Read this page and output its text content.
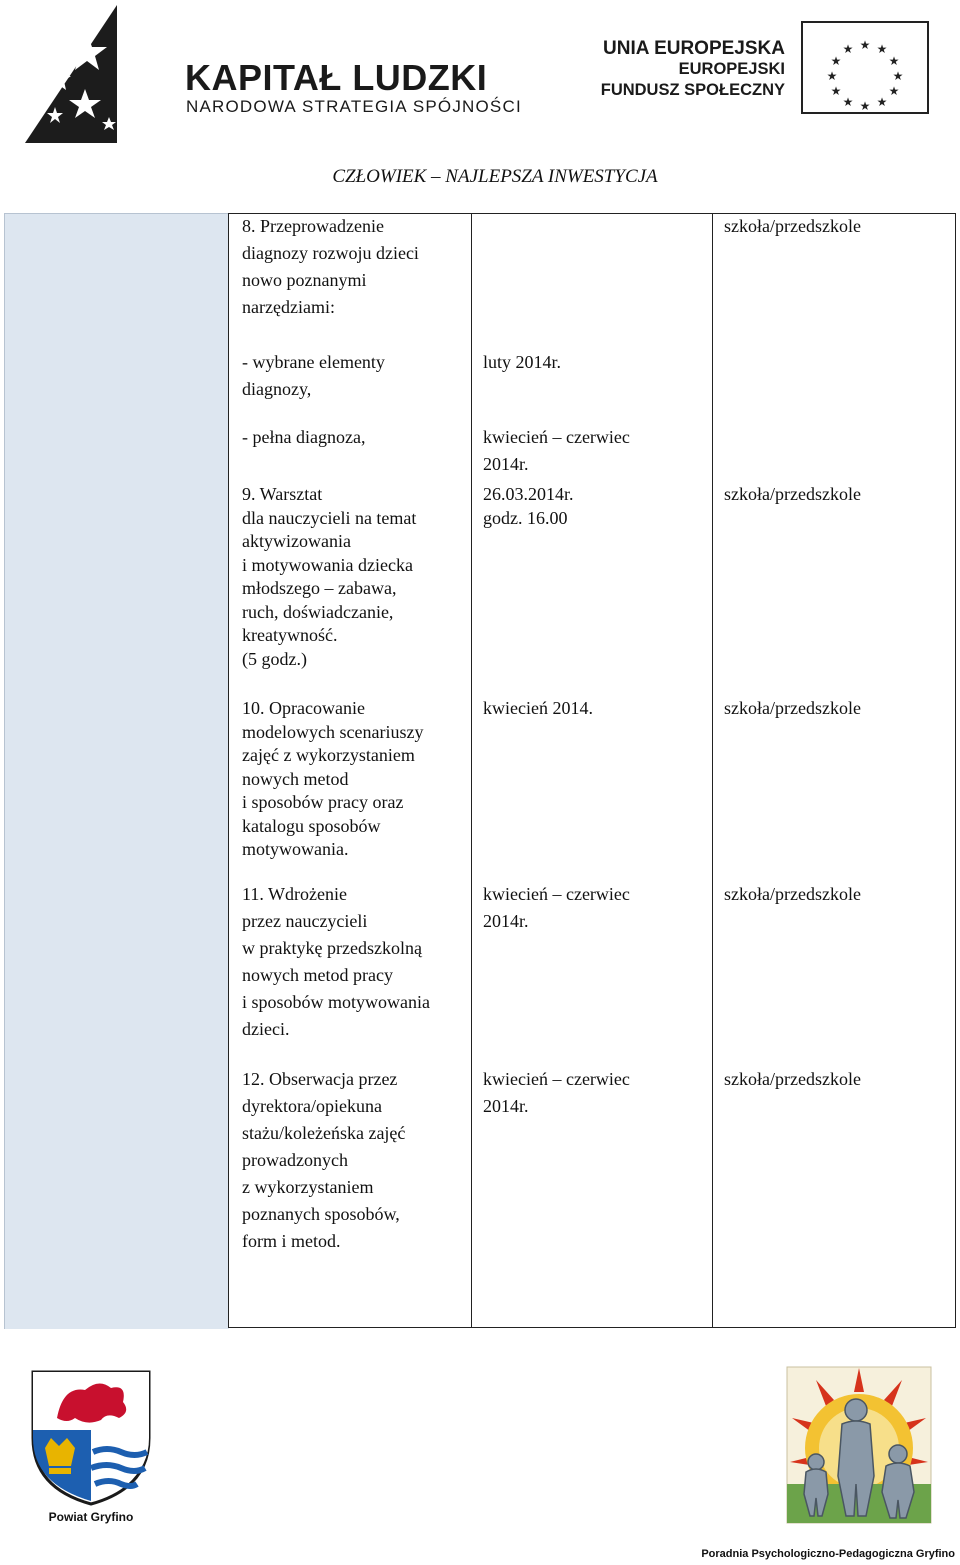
KAPITAŁ LUDZKI
NARODOWA STRATEGIA SPÓJNOŚCI
UNIA EUROPEJSKA
EUROPEJSKI
FUNDUSZ SPOŁECZNY
★ ★
★
★
★
★
★
★
★
★
★
★
CZŁOWIEK – NAJLEPSZA INWESTYCJA
8. Przeprowadzenie
diagnozy rozwoju dzieci
nowo poznanymi
narzędziami:
szkoła/przedszkole
- wybrane elementy
diagnozy,
luty 2014r.
- pełna diagnoza,	kwiecień – czerwiec
2014r.
9. Warsztat
dla nauczycieli na temat
aktywizowania
i motywowania dziecka
młodszego – zabawa,
ruch, doświadczanie,
kreatywność.
(5 godz.)
26.03.2014r.
godz. 16.00
szkoła/przedszkole
10. Opracowanie
modelowych scenariuszy
zajęć z wykorzystaniem
nowych metod
i sposobów pracy oraz
katalogu sposobów
motywowania.
kwiecień 2014.	szkoła/przedszkole
11. Wdrożenie
przez nauczycieli
w praktykę przedszkolną
nowych metod pracy
i sposobów motywowania
dzieci.
kwiecień – czerwiec
2014r.
szkoła/przedszkole
12. Obserwacja przez
dyrektora/opiekuna
stażu/koleżeńska zajęć
prowadzonych
z wykorzystaniem
poznanych sposobów,
form i metod.
kwiecień – czerwiec
2014r.
szkoła/przedszkole
Powiat Gryfino
Poradnia Psychologiczno-Pedagogiczna Gryfino
